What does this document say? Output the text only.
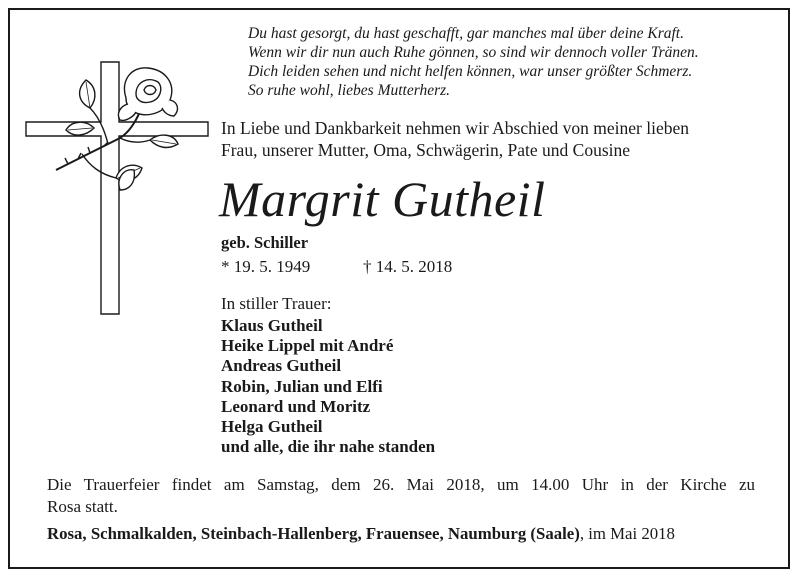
Du hast gesorgt, du hast geschafft, gar manches mal über deine Kraft.
Wenn wir dir nun auch Ruhe gönnen, so sind wir dennoch voller Tränen.
Dich leiden sehen und nicht helfen können, war unser größter Schmerz.
So ruhe wohl, liebes Mutterherz.
In Liebe und Dankbarkeit nehmen wir Abschied von meiner lieben
Frau, unserer Mutter, Oma, Schwägerin, Pate und Cousine
Margrit Gutheil
geb. Schiller
* 19. 5. 1949	† 14. 5. 2018
In stiller Trauer:
Klaus Gutheil
Heike Lippel mit André
Andreas Gutheil
Robin, Julian und Elfi
Leonard und Moritz
Helga Gutheil
und alle, die ihr nahe standen
Die Trauerfeier findet am Samstag, dem 26. Mai 2018, um 14.00 Uhr in der Kirche zu
Rosa statt.
Rosa, Schmalkalden, Steinbach-Hallenberg, Frauensee, Naumburg (Saale), im Mai 2018
